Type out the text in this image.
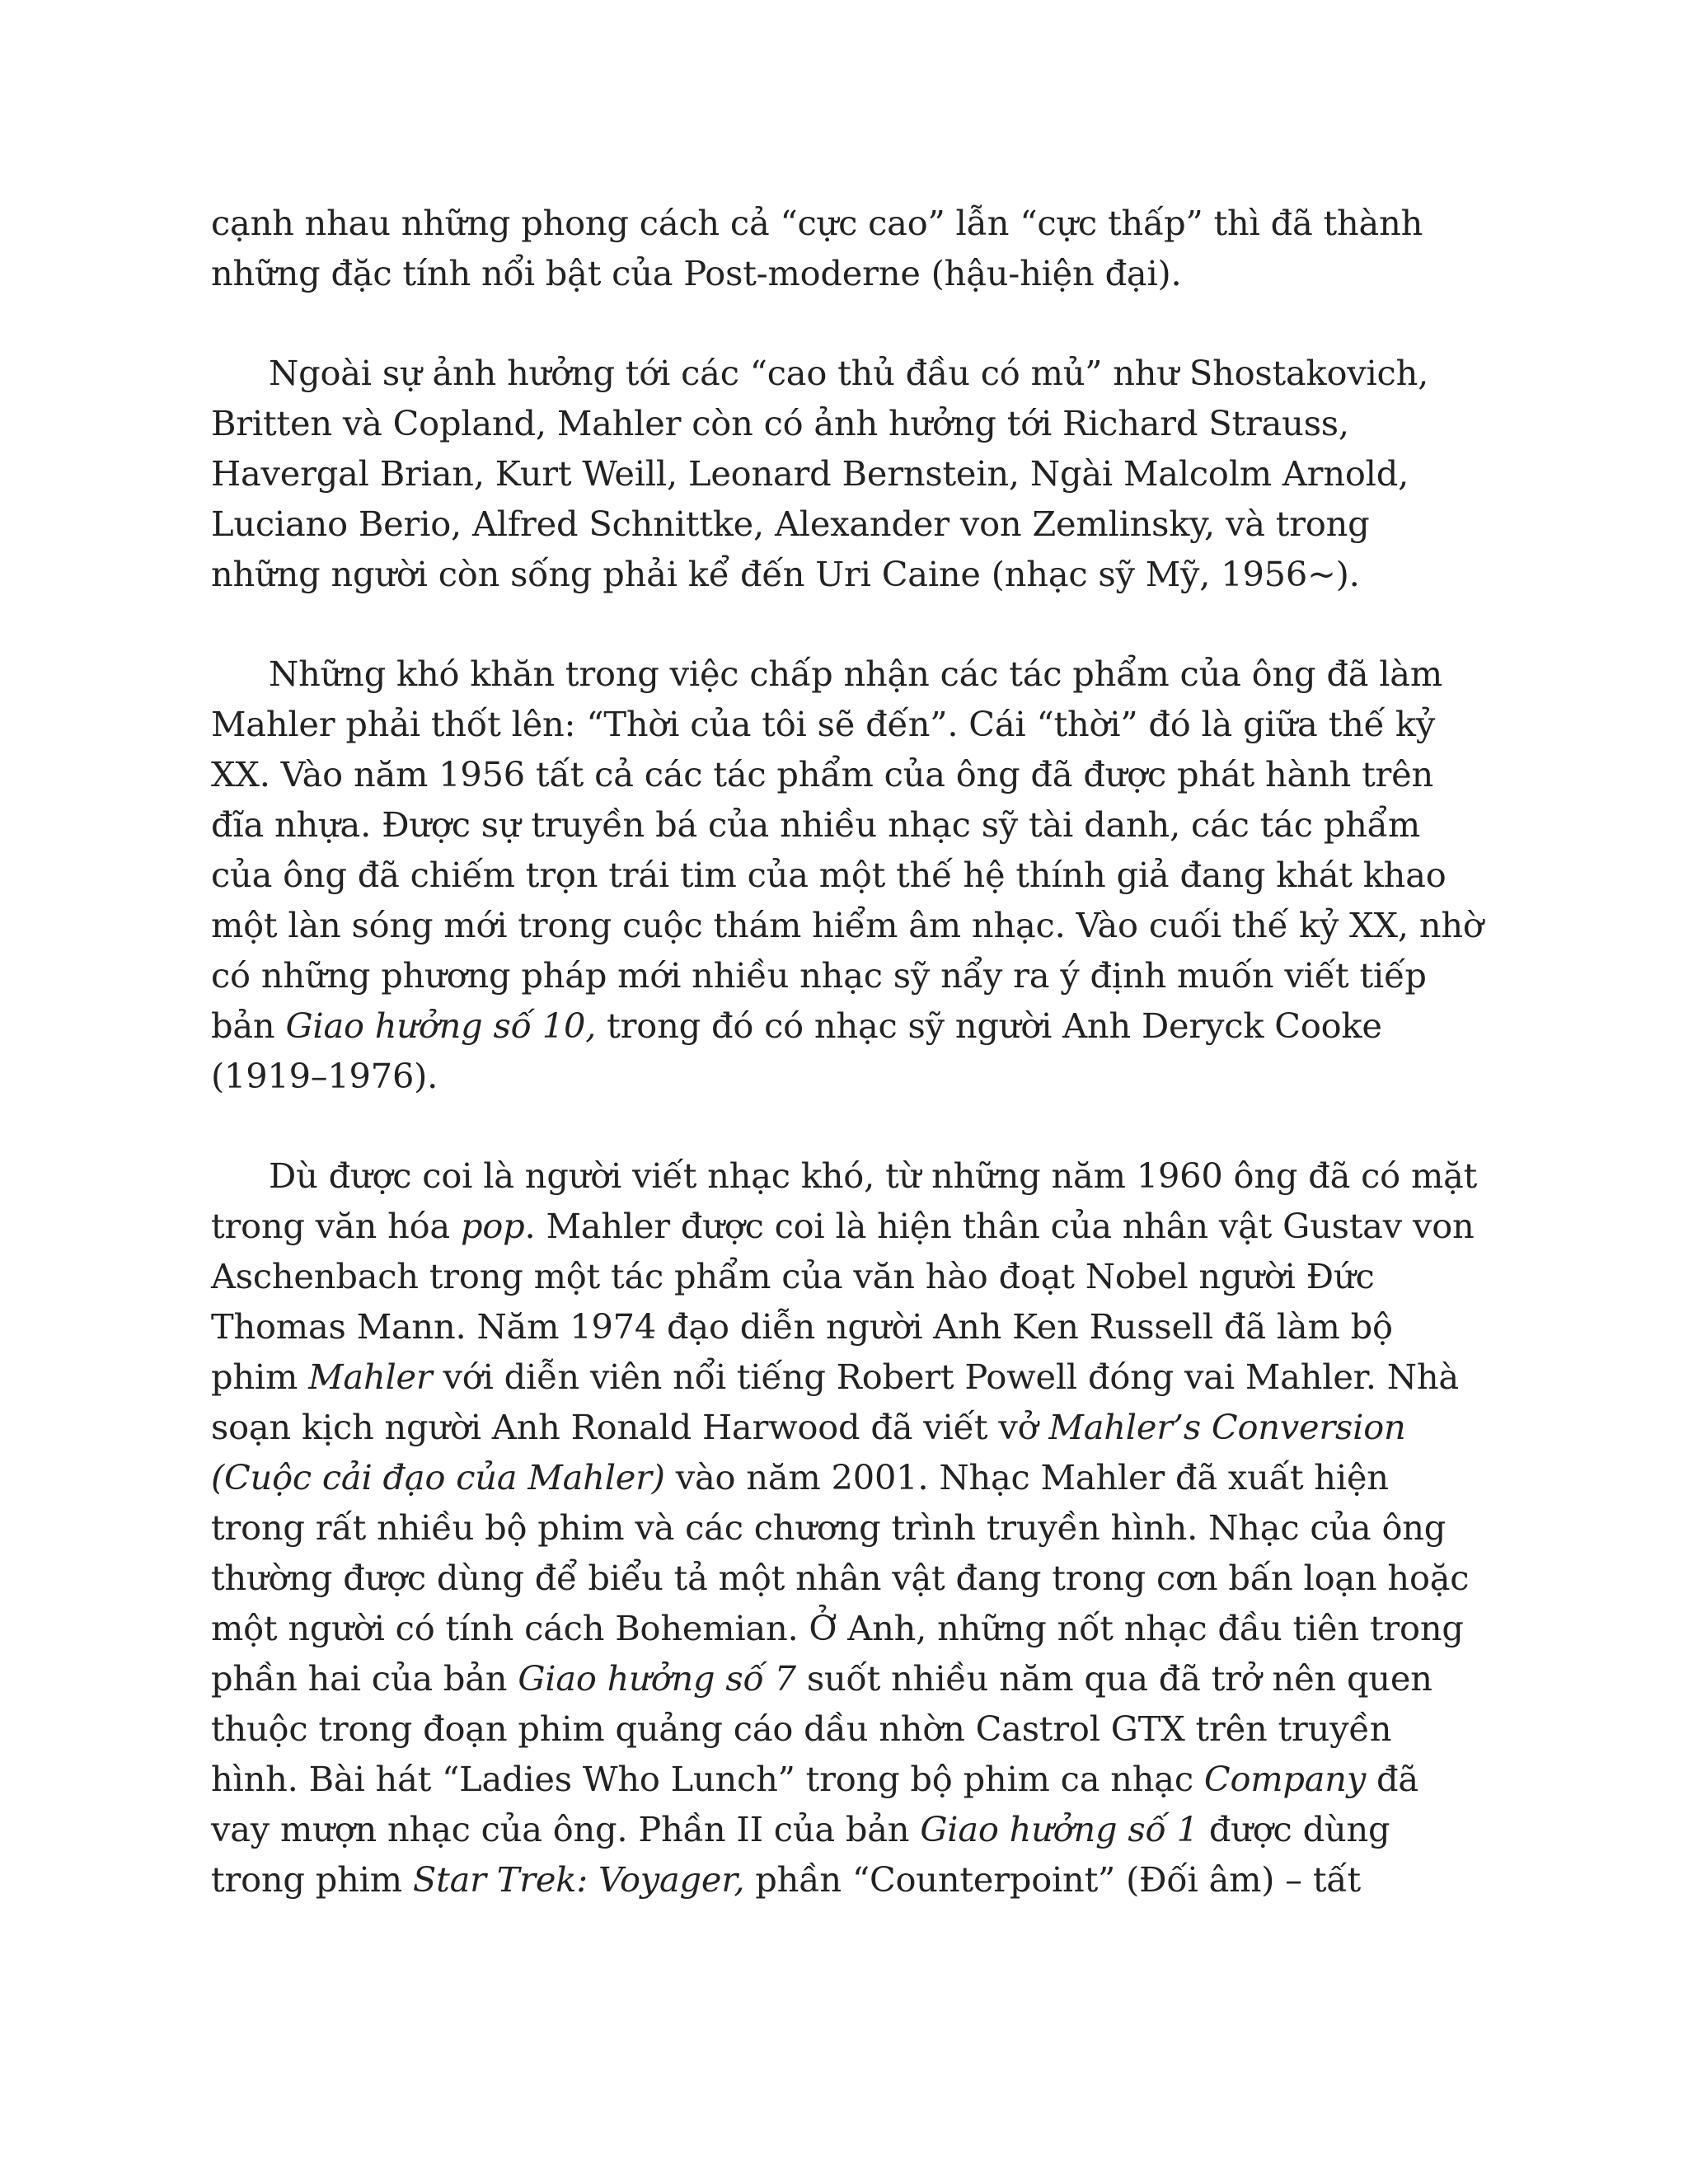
cạnh nhau những phong cách cả “cực cao” lẫn “cực thấp” thì đã thành những đặc tính nổi bật của Post-moderne (hậu-hiện đại).

Ngoài sự ảnh hưởng tới các “cao thủ đầu có mủ” như Shostakovich, Britten và Copland, Mahler còn có ảnh hưởng tới Richard Strauss, Havergal Brian, Kurt Weill, Leonard Bernstein, Ngài Malcolm Arnold, Luciano Berio, Alfred Schnittke, Alexander von Zemlinsky, và trong những người còn sống phải kể đến Uri Caine (nhạc sỹ Mỹ, 1956~).

Những khó khăn trong việc chấp nhận các tác phẩm của ông đã làm Mahler phải thốt lên: “Thời của tôi sẽ đến”. Cái “thời” đó là giữa thế kỷ XX. Vào năm 1956 tất cả các tác phẩm của ông đã được phát hành trên đĩa nhựa. Được sự truyền bá của nhiều nhạc sỹ tài danh, các tác phẩm của ông đã chiếm trọn trái tim của một thế hệ thính giả đang khát khao một làn sóng mới trong cuộc thám hiểm âm nhạc. Vào cuối thế kỷ XX, nhờ có những phương pháp mới nhiều nhạc sỹ nẩy ra ý định muốn viết tiếp bản Giao hưởng số 10, trong đó có nhạc sỹ người Anh Deryck Cooke (1919–1976).

Dù được coi là người viết nhạc khó, từ những năm 1960 ông đã có mặt trong văn hóa pop. Mahler được coi là hiện thân của nhân vật Gustav von Aschenbach trong một tác phẩm của văn hào đoạt Nobel người Đức Thomas Mann. Năm 1974 đạo diễn người Anh Ken Russell đã làm bộ phim Mahler với diễn viên nổi tiếng Robert Powell đóng vai Mahler. Nhà soạn kịch người Anh Ronald Harwood đã viết vở Mahler’s Conversion (Cuộc cải đạo của Mahler) vào năm 2001. Nhạc Mahler đã xuất hiện trong rất nhiều bộ phim và các chương trình truyền hình. Nhạc của ông thường được dùng để biểu tả một nhân vật đang trong cơn bấn loạn hoặc một người có tính cách Bohemian. Ở Anh, những nốt nhạc đầu tiên trong phần hai của bản Giao hưởng số 7 suốt nhiều năm qua đã trở nên quen thuộc trong đoạn phim quảng cáo dầu nhờn Castrol GTX trên truyền hình. Bài hát “Ladies Who Lunch” trong bộ phim ca nhạc Company đã vay mượn nhạc của ông. Phần II của bản Giao hưởng số 1 được dùng trong phim Star Trek: Voyager, phần “Counterpoint” (Đối âm) – tất
